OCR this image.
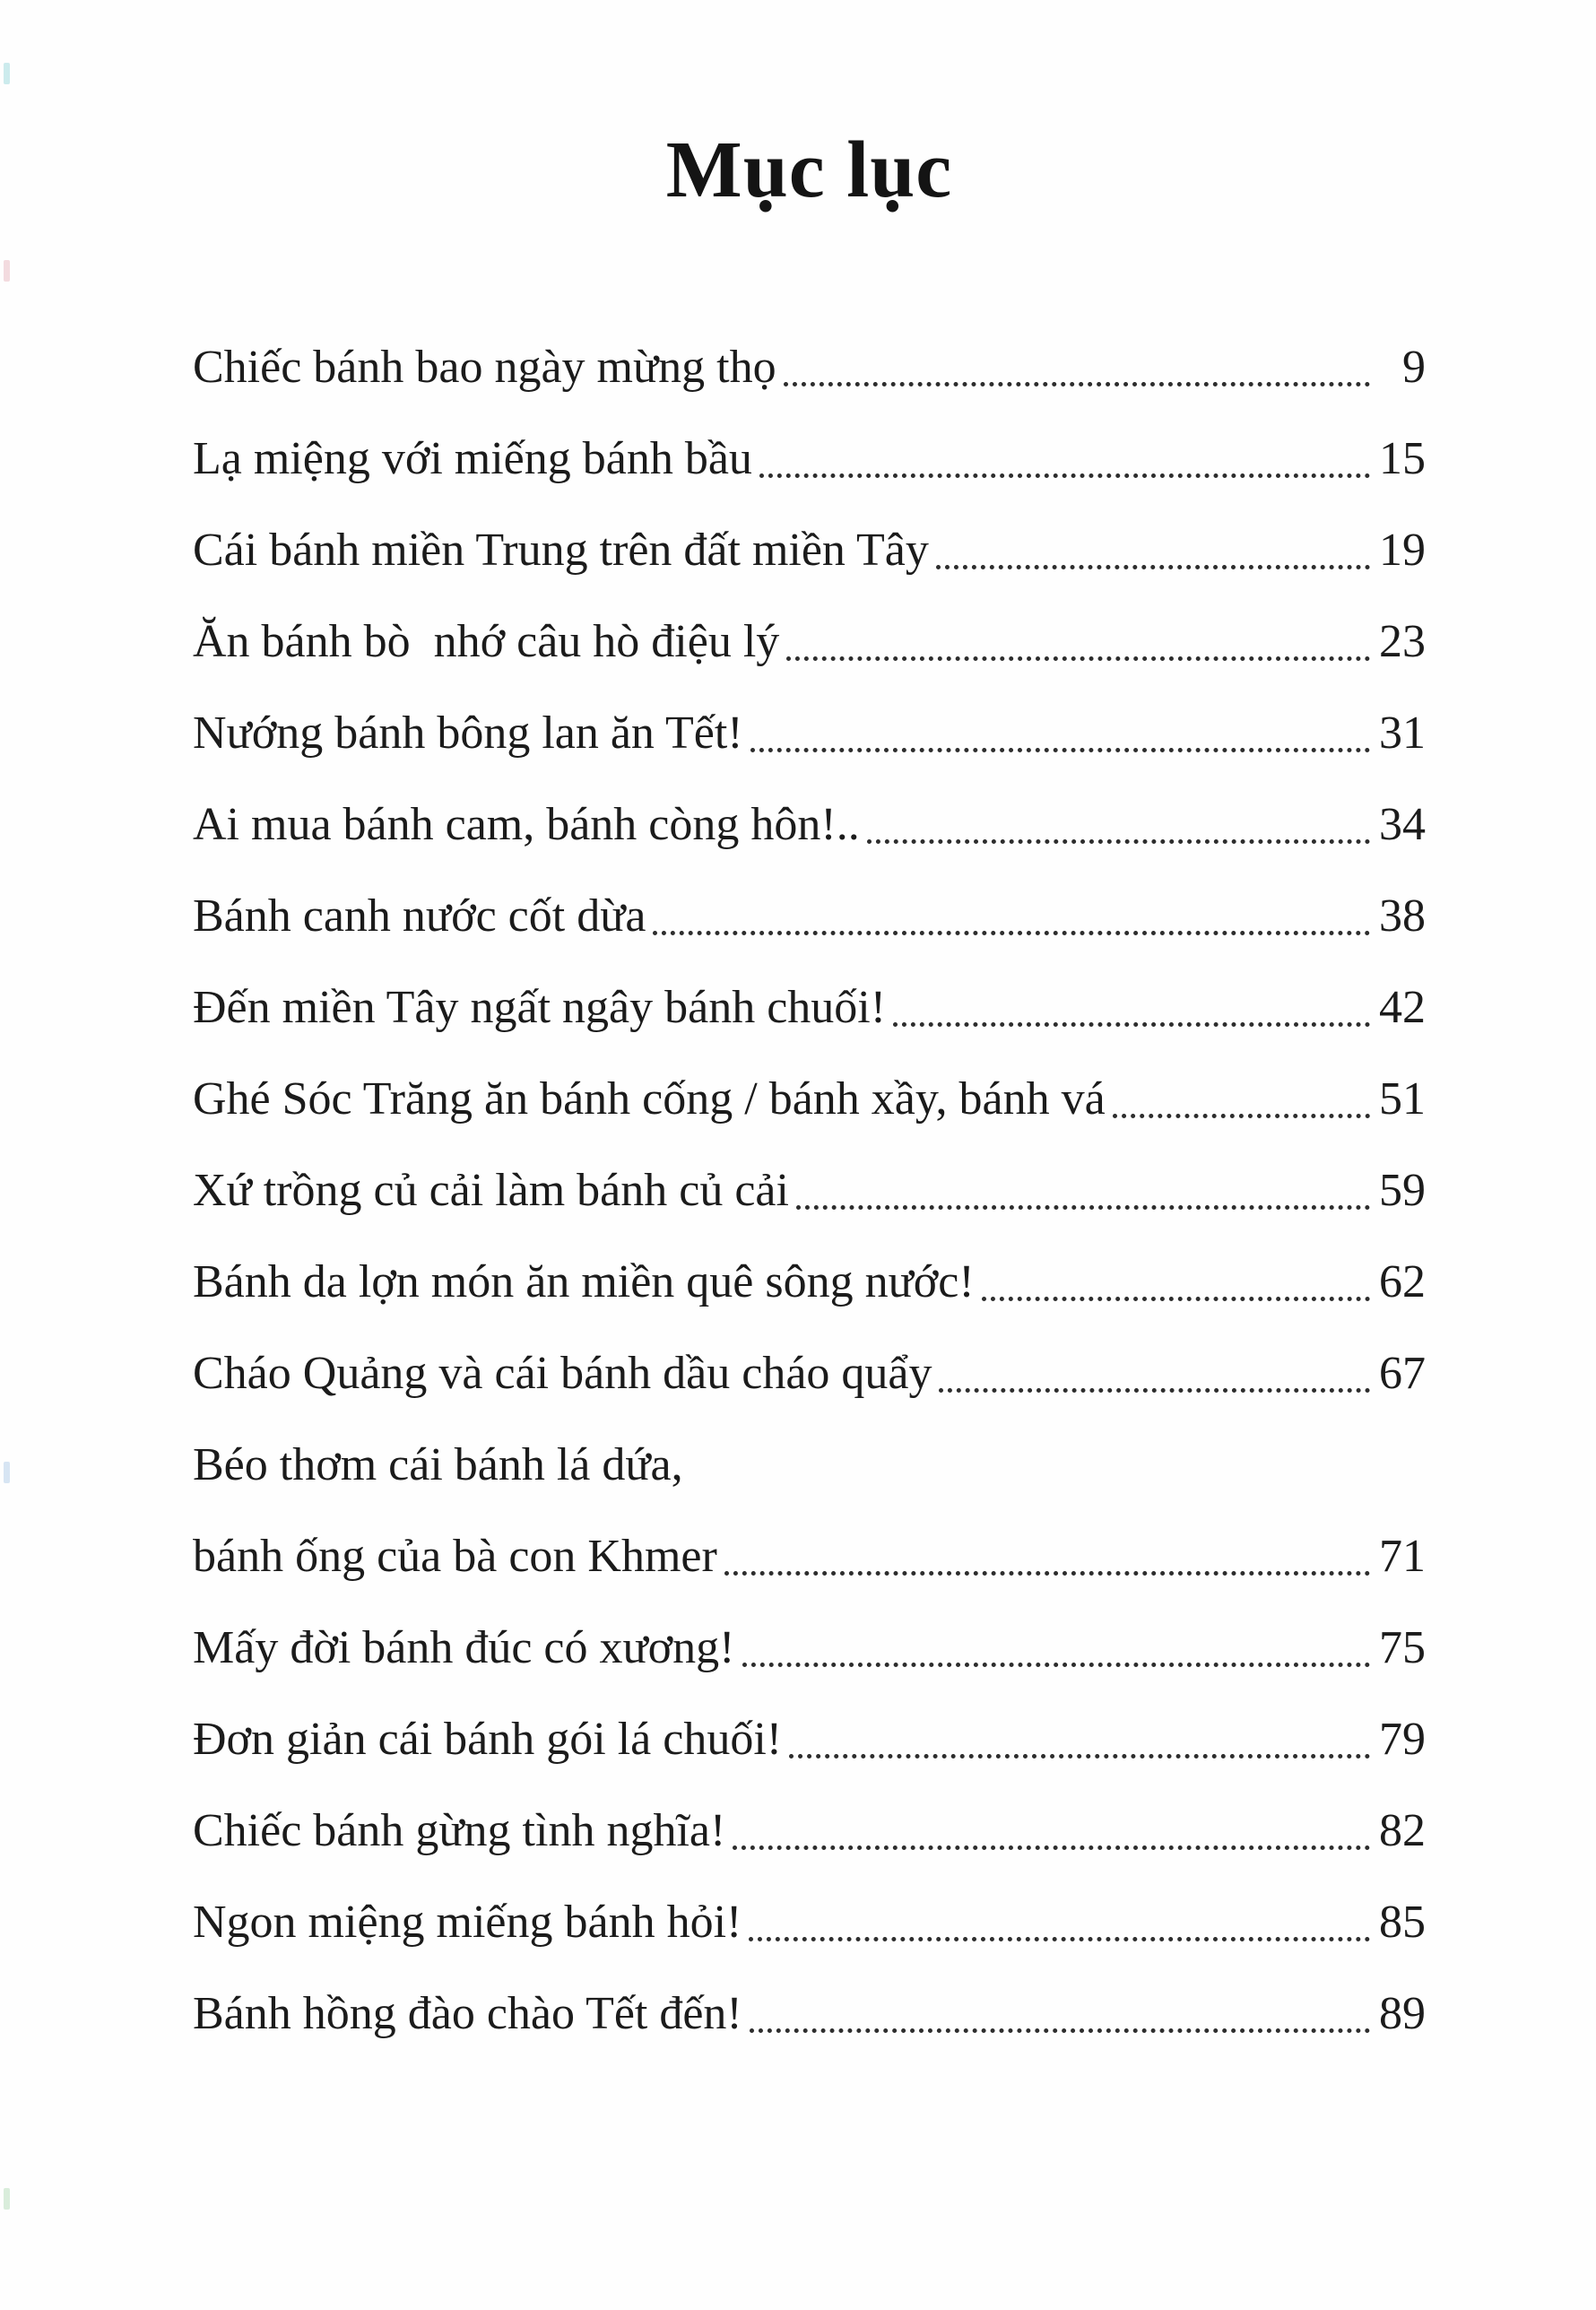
Mục lục
Chiếc bánh bao ngày mừng thọ	9
Lạ miệng với miếng bánh bầu	15
Cái bánh miền Trung trên đất miền Tây	19
Ăn bánh bò  nhớ câu hò điệu lý	23
Nướng bánh bông lan ăn Tết!	31
Ai mua bánh cam, bánh còng hôn!..	34
Bánh canh nước cốt dừa	38
Đến miền Tây ngất ngây bánh chuối!	42
Ghé Sóc Trăng ăn bánh cống / bánh xầy, bánh vá	51
Xứ trồng củ cải làm bánh củ cải	59
Bánh da lợn món ăn miền quê sông nước!	62
Cháo Quảng và cái bánh dầu cháo quẩy	67
Béo thơm cái bánh lá dứa,
bánh ống của bà con Khmer	71
Mấy đời bánh đúc có xương!	75
Đơn giản cái bánh gói lá chuối!	79
Chiếc bánh gừng tình nghĩa!	82
Ngon miệng miếng bánh hỏi!	85
Bánh hồng đào chào Tết đến!	89
